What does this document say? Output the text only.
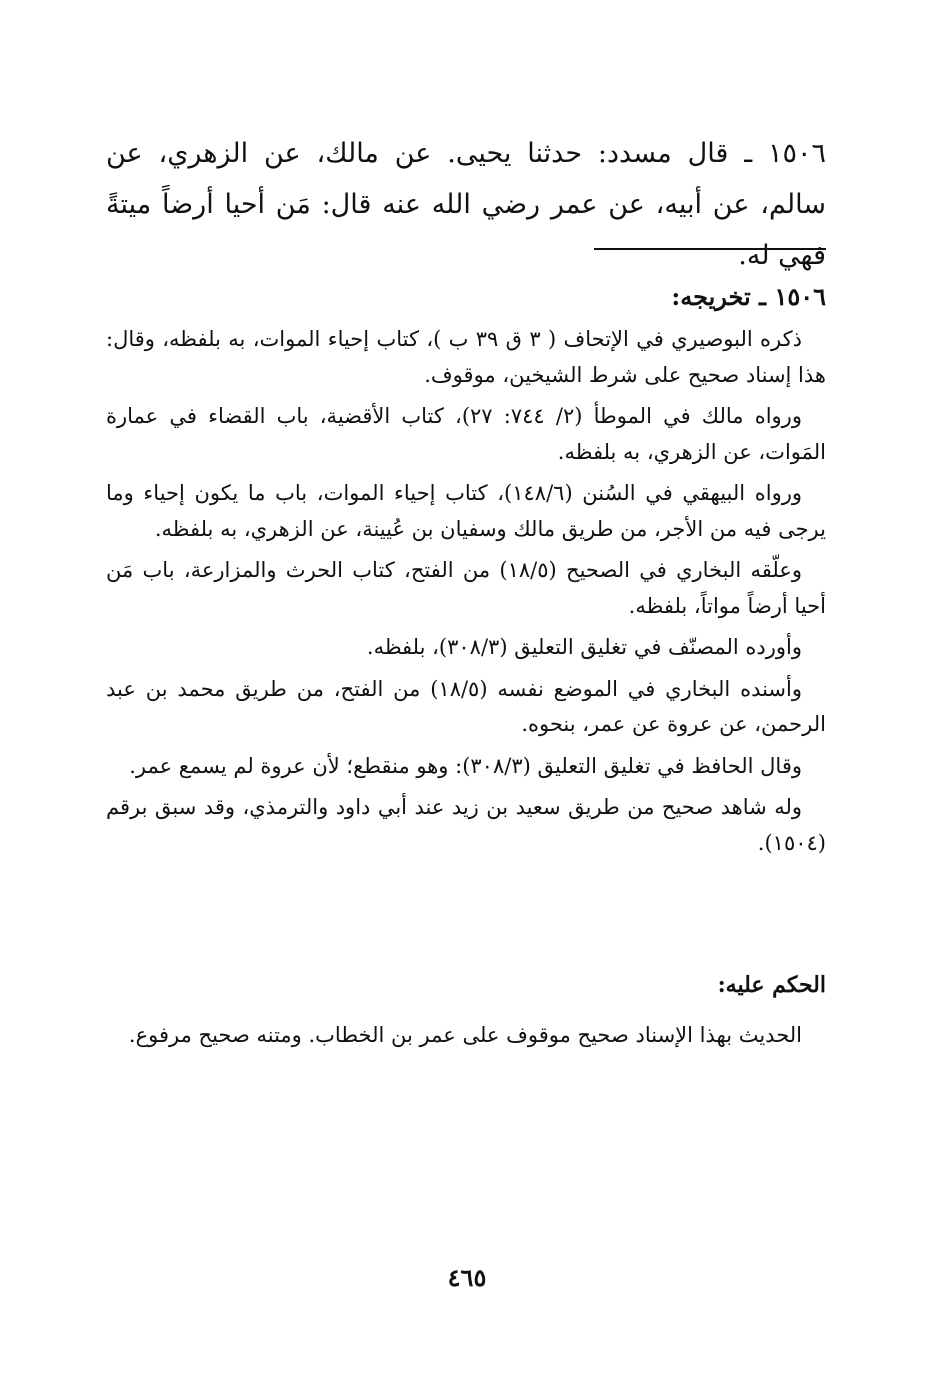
١٥٠٦ ـ قال مسدد: حدثنا يحيى. عن مالك، عن الزهري، عن سالم، عن أبيه، عن عمر رضي الله عنه قال: مَن أحيا أرضاً ميتةً فهي له.

١٥٠٦ ـ تخريجه:

ذكره البوصيري في الإتحاف ( ٣ ق ٣٩ ب )، كتاب إحياء الموات، به بلفظه، وقال: هذا إسناد صحيح على شرط الشيخين، موقوف.

ورواه مالك في الموطأ (٢/ ٧٤٤: ٢٧)، كتاب الأقضية، باب القضاء في عمارة المَوات، عن الزهري، به بلفظه.

ورواه البيهقي في السُنن (١٤٨/٦)، كتاب إحياء الموات، باب ما يكون إحياء وما يرجى فيه من الأجر، من طريق مالك وسفيان بن عُيينة، عن الزهري، به بلفظه.

وعلّقه البخاري في الصحيح (١٨/٥) من الفتح، كتاب الحرث والمزارعة، باب مَن أحيا أرضاً مواتاً، بلفظه.

وأورده المصنّف في تغليق التعليق (٣٠٨/٣)، بلفظه.

وأسنده البخاري في الموضع نفسه (١٨/٥) من الفتح، من طريق محمد بن عبد الرحمن، عن عروة عن عمر، بنحوه.

وقال الحافظ في تغليق التعليق (٣٠٨/٣): وهو منقطع؛ لأن عروة لم يسمع عمر.

وله شاهد صحيح من طريق سعيد بن زيد عند أبي داود والترمذي، وقد سبق برقم (١٥٠٤).

الحكم عليه:

الحديث بهذا الإسناد صحيح موقوف على عمر بن الخطاب. ومتنه صحيح مرفوع.

٤٦٥
